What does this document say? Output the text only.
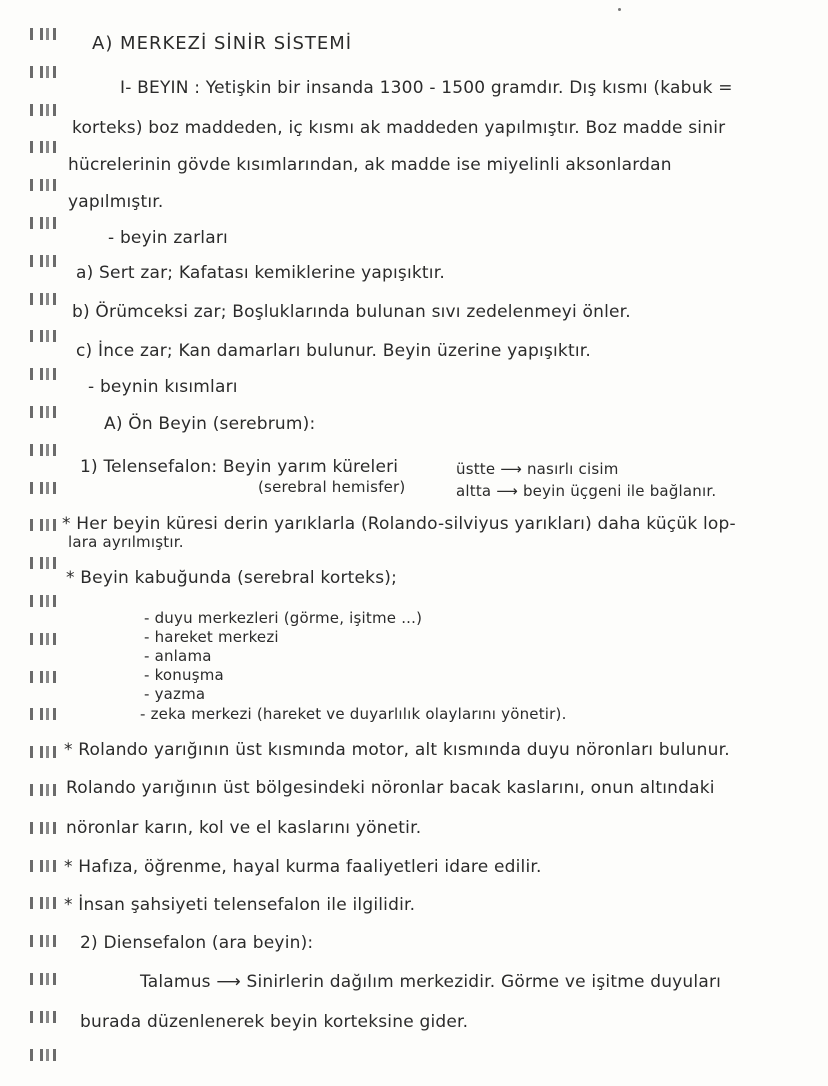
A) MERKEZİ SİNİR SİSTEMİ
I- BEYIN : Yetişkin bir insanda 1300 - 1500 gramdır. Dış kısmı (kabuk =
korteks) boz maddeden, iç kısmı ak maddeden yapılmıştır. Boz madde sinir
hücrelerinin gövde kısımlarından, ak madde ise miyelinli aksonlardan
yapılmıştır.
- beyin zarları
a) Sert zar; Kafatası kemiklerine yapışıktır.
b) Örümceksi zar; Boşluklarında bulunan sıvı zedelenmeyi önler.
c) İnce zar; Kan damarları bulunur. Beyin üzerine yapışıktır.
- beynin kısımları
A) Ön Beyin (serebrum):
1) Telensefalon: Beyin yarım küreleri
(serebral hemisfer)
üstte ⟶ nasırlı cisim
altta ⟶ beyin üçgeni ile bağlanır.
* Her beyin küresi derin yarıklarla (Rolando-silviyus yarıkları) daha küçük lop-
lara ayrılmıştır.
* Beyin kabuğunda (serebral korteks);
- duyu merkezleri (görme, işitme ...)
- hareket merkezi
- anlama
- konuşma
- yazma
- zeka merkezi (hareket ve duyarlılık olaylarını yönetir).
* Rolando yarığının üst kısmında motor, alt kısmında duyu nöronları bulunur.
Rolando yarığının üst bölgesindeki nöronlar bacak kaslarını, onun altındaki
nöronlar karın, kol ve el kaslarını yönetir.
* Hafıza, öğrenme, hayal kurma faaliyetleri idare edilir.
* İnsan şahsiyeti telensefalon ile ilgilidir.
2) Diensefalon (ara beyin):
Talamus ⟶ Sinirlerin dağılım merkezidir. Görme ve işitme duyuları
burada düzenlenerek beyin korteksine gider.
